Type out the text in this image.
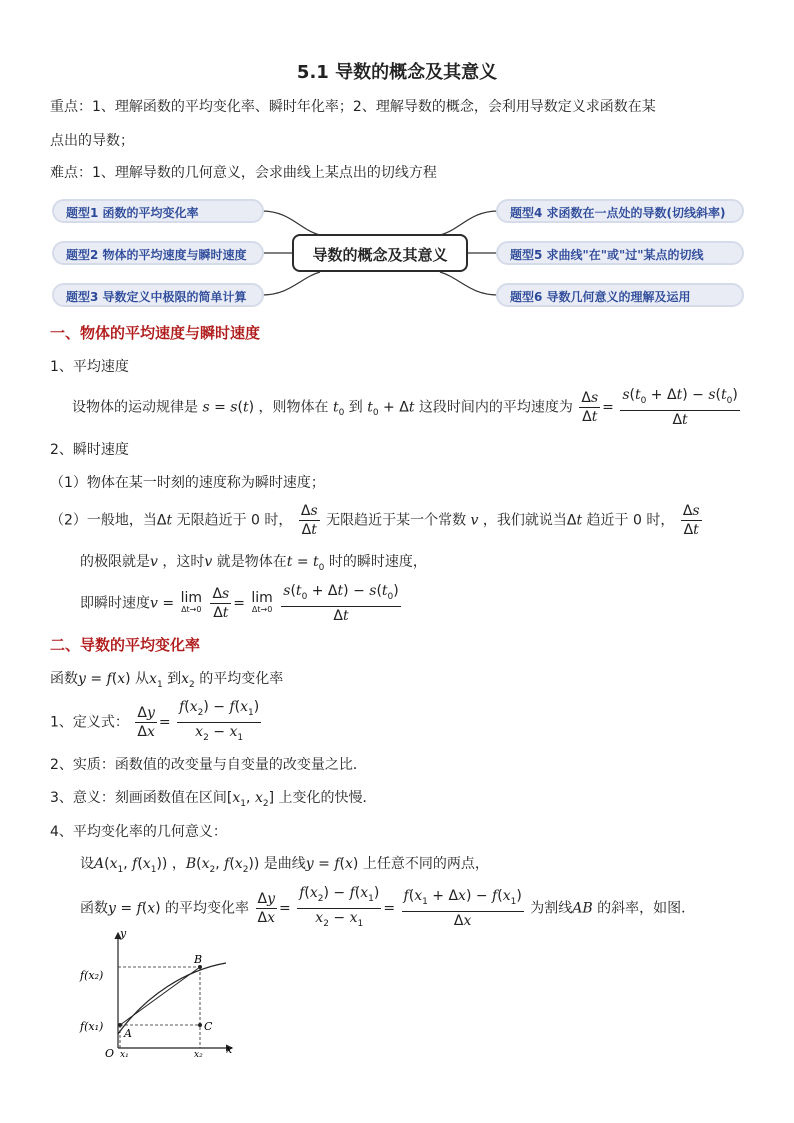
5.1 导数的概念及其意义
重点：1、理解函数的平均变化率、瞬时年化率；2、理解导数的概念，会利用导数定义求函数在某
点出的导数；
难点：1、理解导数的几何意义，会求曲线上某点出的切线方程
题型1 函数的平均变化率
题型2 物体的平均速度与瞬时速度
题型3 导数定义中极限的简单计算
导数的概念及其意义
题型4 求函数在一点处的导数(切线斜率)
题型5 求曲线"在"或"过"某点的切线
题型6 导数几何意义的理解及运用
一、物体的平均速度与瞬时速度
1、平均速度
设物体的运动规律是 s = s(t) ，则物体在 $t_0$ 到 $t_0 + \Delta t$ 这段时间内的平均速度为 $\frac{\Delta s}{\Delta t} = \frac{s(t_0 + \Delta t) - s(t_0)}{\Delta t}$
2、瞬时速度
（1）物体在某一时刻的速度称为瞬时速度；
（2）一般地，当Δt 无限趋近于 0 时， $\frac{\Delta s}{\Delta t}$ 无限趋近于某一个常数 v ，我们就说当Δt 趋近于 0 时， $\frac{\Delta s}{\Delta t}$
的极限就是v ，这时v 就是物体在$t = t_0$ 时的瞬时速度，
即瞬时速度v = lim
Δt→0
$\frac{\Delta s}{\Delta t} = \lim$
Δt→0
$\frac{s(t_0 + \Delta t) - s(t_0)}{\Delta t}$
二、导数的平均变化率
函数y = f(x) 从$x_1$ 到$x_2$ 的平均变化率
1、定义式： $\frac{\Delta y}{\Delta x} = \frac{f(x_2) - f(x_1)}{x_2 - x_1}$
2、实质：函数值的改变量与自变量的改变量之比．
3、意义：刻画函数值在区间[$x_1$, $x_2$] 上变化的快慢．
4、平均变化率的几何意义：
设$A(x_1$, $f(x_1)$) ，$B(x_2$, $f(x_2)$) 是曲线y = f(x) 上任意不同的两点，
函数y = f(x) 的平均变化率 $\frac{\Delta y}{\Delta x} = \frac{f(x_2) - f(x_1)}{x_2 - x_1} = \frac{f(x_1 + \Delta x) - f(x_1)}{\Delta x}$ 为割线AB 的斜率，如图．
y
x
O
A
B
C
f(x₂)
f(x₁)
x₁	x₂
